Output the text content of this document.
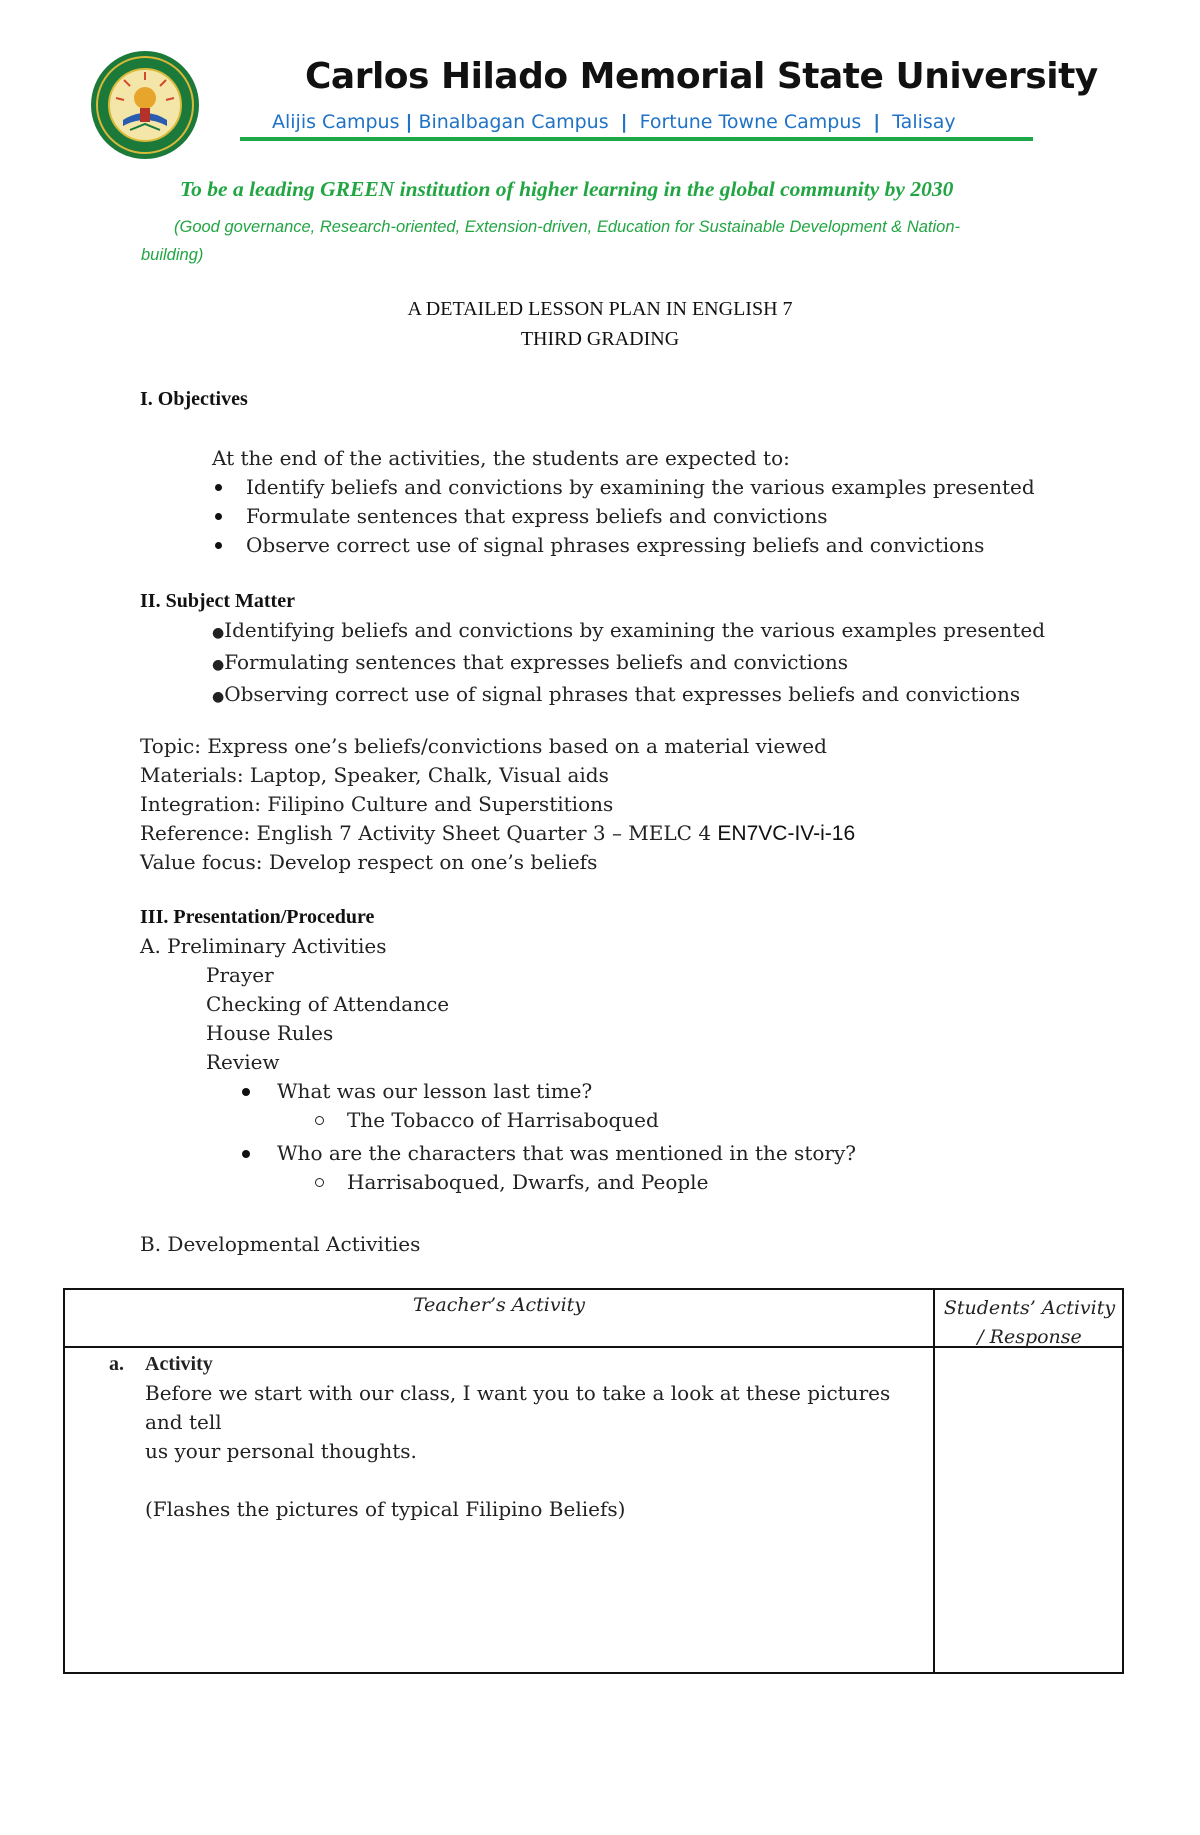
Carlos Hilado Memorial State University
Alijis Campus | Binalbagan Campus | Fortune Towne Campus | Talisay
To be a leading GREEN institution of higher learning in the global community by 2030
(Good governance, Research-oriented, Extension-driven, Education for Sustainable Development & Nation-
building)
A DETAILED LESSON PLAN IN ENGLISH 7
THIRD GRADING
I. Objectives
At the end of the activities, the students are expected to:
Identify beliefs and convictions by examining the various examples presented
Formulate sentences that express beliefs and convictions
Observe correct use of signal phrases expressing beliefs and convictions
II. Subject Matter
●Identifying beliefs and convictions by examining the various examples presented
●Formulating sentences that expresses beliefs and convictions
●Observing correct use of signal phrases that expresses beliefs and convictions
Topic: Express one’s beliefs/convictions based on a material viewed
Materials: Laptop, Speaker, Chalk, Visual aids
Integration: Filipino Culture and Superstitions
Reference: English 7 Activity Sheet Quarter 3 – MELC 4 EN7VC-IV-i-16
Value focus: Develop respect on one’s beliefs
III. Presentation/Procedure
A. Preliminary Activities
Prayer
Checking of Attendance
House Rules
Review
What was our lesson last time?
The Tobacco of Harrisaboqued
Who are the characters that was mentioned in the story?
Harrisaboqued, Dwarfs, and People
B. Developmental Activities
Teacher’s Activity	Students’ Activity
/ Response
a. Activity
Before we start with our class, I want you to take a look at these pictures and tell
us your personal thoughts.
(Flashes the pictures of typical Filipino Beliefs)
